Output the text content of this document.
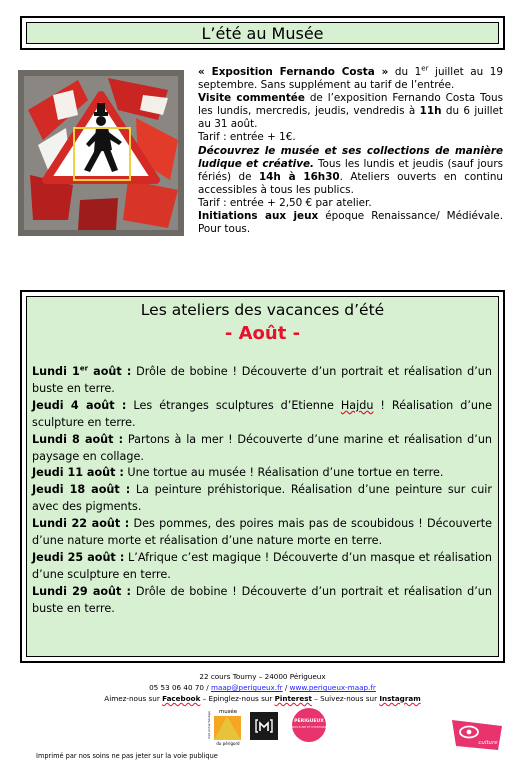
L’été au Musée

« Exposition Fernando Costa » du 1er juillet au 19 septembre. Sans supplément au tarif de l’entrée.

Visite commentée de l’exposition Fernando Costa Tous les lundis, mercredis, jeudis, vendredis à 11h du 6 juillet au 31 août.

Tarif : entrée + 1€.

Découvrez le musée et ses collections de manière ludique et créative. Tous les lundis et jeudis (sauf jours fériés) de 14h à 16h30. Ateliers ouverts en continu accessibles à tous les publics.

Tarif : entrée + 2,50 € par atelier.

Initiations aux jeux époque Renaissance/ Médiévale. Pour tous.

Les ateliers des vacances d’été
- Août -

Lundi 1er août : Drôle de bobine ! Découverte d’un portrait et réalisation d’un buste en terre.

Jeudi 4 août : Les étranges sculptures d’Etienne Hajdu ! Réalisation d’une sculpture en terre.

Lundi 8 août : Partons à la mer ! Découverte d’une marine et réalisation d’un paysage en collage.

Jeudi 11 août : Une tortue au musée ! Réalisation d’une tortue en terre.

Jeudi 18 août : La peinture préhistorique. Réalisation d’une peinture sur cuir avec des pigments.

Lundi 22 août : Des pommes, des poires mais pas de scoubidous ! Découverte d’une nature morte et réalisation d’une nature morte en terre.

Jeudi 25 août : L’Afrique c’est magique ! Découverte d’un masque et réalisation d’une sculpture en terre.

Lundi 29 août : Drôle de bobine ! Découverte d’un portrait et réalisation d’un buste en terre.

22 cours Tourny – 24000 Périgueux
05 53 06 40 70 / maap@perigueux.fr / www.perigueux-maap.fr
Aimez-nous sur Facebook – Epinglez-nous sur Pinterest – Suivez-nous sur Instagram
musée
du périgord
d’art et d’archéologie	PÉRIGUEUX
PAYS D’ART ET D’HISTOIRE
culture
Imprimé par nos soins ne pas jeter sur la voie publique
